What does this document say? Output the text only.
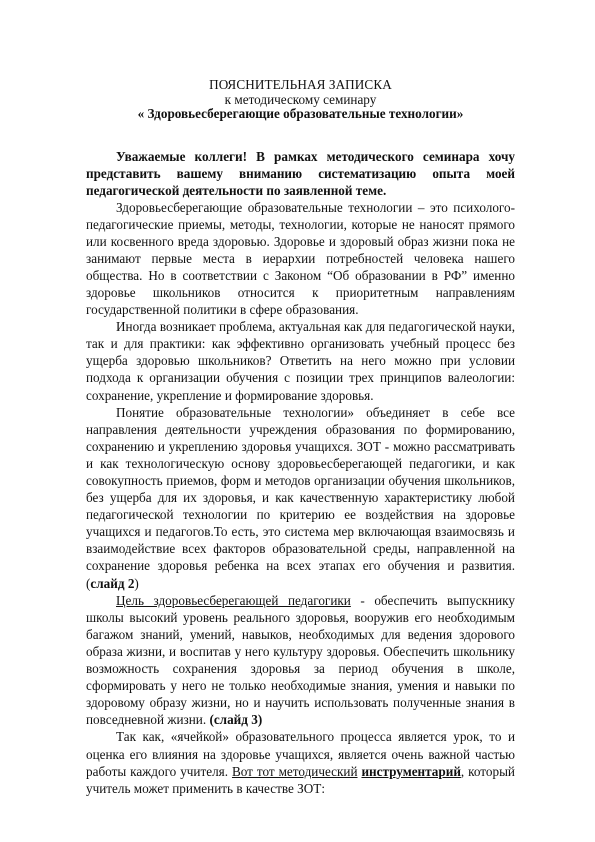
ПОЯСНИТЕЛЬНАЯ ЗАПИСКА
к методическому семинару
« Здоровьесберегающие образовательные технологии»
Уважаемые коллеги! В рамках методического семинара хочу представить вашему вниманию систематизацию опыта моей педагогической деятельности по заявленной теме.

Здоровьесберегающие образовательные технологии – это психолого-педагогические приемы, методы, технологии, которые не наносят прямого или косвенного вреда здоровью. Здоровье и здоровый образ жизни пока не занимают первые места в иерархии потребностей человека нашего общества. Но в соответствии с Законом “Об образовании в РФ” именно здоровье школьников относится к приоритетным направлениям государственной политики в сфере образования.

Иногда возникает проблема, актуальная как для педагогической науки, так и для практики: как эффективно организовать учебный процесс без ущерба здоровью школьников? Ответить на него можно при условии подхода к организации обучения с позиции трех принципов валеологии: сохранение, укрепление и формирование здоровья.

Понятие образовательные технологии» объединяет в себе все направления деятельности учреждения образования по формированию, сохранению и укреплению здоровья учащихся. ЗОТ - можно рассматривать и как технологическую основу здоровьесберегающей педагогики, и как совокупность приемов, форм и методов организации обучения школьников, без ущерба для их здоровья, и как качественную характеристику любой педагогической технологии по критерию ее воздействия на здоровье учащихся и педагогов.То есть, это система мер включающая взаимосвязь и взаимодействие всех факторов образовательной среды, направленной на сохранение здоровья ребенка на всех этапах его обучения и развития. (слайд 2)

Цель здоровьесберегающей педагогики - обеспечить выпускнику школы высокий уровень реального здоровья, вооружив его необходимым багажом знаний, умений, навыков, необходимых для ведения здорового образа жизни, и воспитав у него культуру здоровья. Обеспечить школьнику возможность сохранения здоровья за период обучения в школе, сформировать у него не только необходимые знания, умения и навыки по здоровому образу жизни, но и научить использовать полученные знания в повседневной жизни. (слайд 3)

Так как, «ячейкой» образовательного процесса является урок, то и оценка его влияния на здоровье учащихся, является очень важной частью работы каждого учителя. Вот тот методический инструментарий, который учитель может применить в качестве ЗОТ:
